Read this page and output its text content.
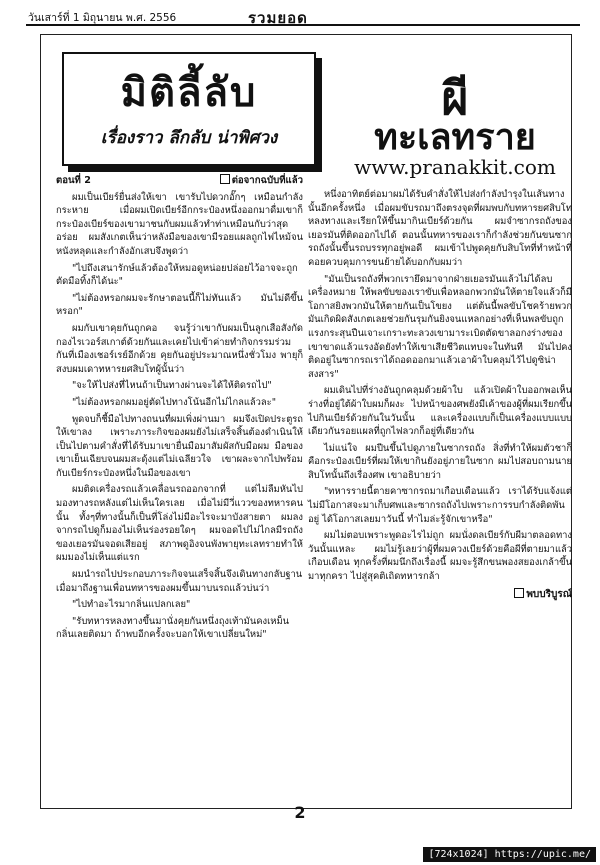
วันเสาร์ที่ 1 มิถุนายน พ.ศ. 2556	รวมยอด
มิติลี้ลับ
เรื่องราว ลึกลับ น่าพิศวง
ผี
ทะเลทราย
www.pranakkit.com
ตอนที่ 2	ต่อจากฉบับที่แล้ว

ผมเป็นเบียร์ยื่นส่งให้เขา เขารับไปดวกอั๊กๆ เหมือนกำลังกระหาย เมื่อผมเปิดเบียร์อีกกระป๋องหนึ่งออกมาดื่มเขาก็กระป๋องเบียร์ของเขามาชนกับผมแล้วทำท่าเหมือนกับว่าสุดอร่อย ผมสังเกตเห็นว่าหลังมือของเขามีรอยแผลถูกไฟไหม้จนหนังหลุดและกำลังอักเสบจึงพูดว่า

"ไปถึงเสนารักษ์แล้วต้องให้หมอดูหน่อยปล่อยไว้อาจจะถูกตัดมือทิ้งก็ได้นะ"

"ไม่ต้องหรอกผมจะรักษาตอนนี้ก็ไม่ทันแล้ว มันไม่ดีขึ้นหรอก"

ผมกับเขาคุยกันถูกคอ จนรู้ว่าเขากับผมเป็นลูกเสือสังกัดกองไรเวอร์สเกาต์ด้วยกันและเคยไปเข้าค่ายทำกิจกรรมร่วมกันที่เมืองเชอร์เรย์อีกด้วย คุยกันอยู่ประมาณหนึ่งชั่วโมง พายุก็สงบผมเดาทหารยศสิบโทผู้นั้นว่า

"จะให้ไปส่งที่ไหนถ้าเป็นทางผ่านจะได้ให้ติดรถไป"

"ไม่ต้องหรอกผมอยู่ตัดไปทางโน้นอีกไม่ไกลแล้วละ"

พูดจบก็ชี้มือไปทางถนนที่ผมเพิ่งผ่านมา ผมจึงเปิดประตูรถให้เขาลง เพราะภาระกิจของผมยังไม่เสร็จสิ้นต้องดำเนินให้เป็นไปตามคำสั่งที่ได้รับมาเขายื่นมือมาสัมผัสกับมือผม มือของเขาเย็นเฉียบจนผมสะดุ้งแต่ไม่เฉลียวใจ เขาผละจากไปพร้อมกับเบียร์กระป๋องหนึ่งในมือของเขา

ผมติดเครื่องรถแล้วเคลื่อนรถออกจากที่ แต่ไม่ลืมหันไปมองทางรถหลังแต่ไม่เห็นใครเลย เมื่อไม่มีวี่แววของทหารคนนั้น ทั้งๆที่ทางนั้นก็เป็นที่โล่งไม่มีอะไรจะมาบังสายตา ผมลงจากรถไปดูก็มองไม่เห็นร่องรอยใดๆ ผมจอดไปไม่ไกลมีรถถังของเยอรมันจอดเสียอยู่ สภาพดูอิงจนพังพายุทะเลทรายทำให้ผมมองไม่เห็นแต่แรก

ผมนำรถไปประกอบภาระกิจจนเสร็จสิ้นจึงเดินทางกลับฐาน เมื่อมาถึงฐานเพื่อนทหารของผมขึ้นมาบนรถแล้วบ่นว่า

"ไปทำอะไรมากลิ่นแปลกเลย"

"รับทหารหลงทางขึ้นมานั่งคุยกันหนึ่งถุงเท้ามันคงเหม็นกลิ่นเลยติดมา ถ้าพบอีกครั้งจะบอกให้เขาเปลี่ยนใหม่"

หนึ่งอาทิตย์ต่อมาผมได้รับคำสั่งให้ไปส่งกำลังบำรุงในเส้นทางนั้นอีกครั้งหนึ่ง เมื่อผมขับรถมาถึงตรงจุดที่ผมพบกับทหารยศสิบโทหลงทางและเรียกให้ขึ้นมากินเบียร์ด้วยกัน ผมจำซากรถถังของเยอรมันที่ติดออกไปได้ ตอนนั้นทหารของเราก็กำลังช่วยกันขนซากรถถังนั้นขึ้นรถบรรทุกอยู่พอดี ผมเข้าไปพูดคุยกับสิบโทที่ทำหน้าที่คอยควบคุมการขนย้ายได้บอกกับผมว่า

"มันเป็นรถถังที่พวกเรายึดมาจากฝ่ายเยอรมันแล้วไม่ได้ลบเครื่องหมาย ให้พลขับของเราขับเพื่อหลอกพวกมันให้ตายใจแล้วก็มีโอกาสยิงพวกมันให้ตายกันเป็นโขยง แต่ต้นนี้พลขับโชคร้ายพวกมันเกิดผิดสังเกตเลยช่วยกันรุมกันยิงจนแหลกอย่างที่เห็นพลขับถูกแรงกระสุนปืนเจาะเกราะทะลวงเขามาระเบิดตัดขาลอกงร่างของเขาขาดแล้วแรงอัดยังทำให้เขาเสียชีวิตแทบจะในทันที มันไปคงติดอยู่ในซากรถเราได้ถอดออกมาแล้วเอาผ้าใบคลุมไว้ไปดูซิน่าสงสาร"

ผมเดินไปที่ร่างอันถูกคลุมด้วยผ้าใบ แล้วเปิดผ้าใบออกพอเห็นร่างที่อยู่ใต้ผ้าใบผมก็ผงะ ไปหน้าของศพยังมีเค้าของผู้ที่ผมเรียกขึ้นไปกินเบียร์ด้วยกันในวันนั้น และเครื่องแบบก็เป็นเครื่องแบบแบบเดียวกันรอยแผลที่ถูกไฟลวกก็อยู่ที่เดียวกัน

ไม่แน่ใจ ผมปีนขึ้นไปดูภายในซากรถถัง สิ่งที่ทำให้ผมตัวชาก็คือกระป๋องเบียร์ที่ผมให้เขากินยังอยู่ภายในซาก ผมไปสอบถามนายสิบโทนั้นถึงเรื่องศพ เขาอธิบายว่า

"ทหารรายนี้ตายคาซากรถมาเกือบเดือนแล้ว เราได้รับแจ้งแต่ไม่มีโอกาสจะมาเก็บศพและซากรถถังไปเพราะการรบกำลังติดพันอยู่ ได้โอกาสเลยมาวันนี้ ทำไมล่ะรู้จักเขาหรือ"

ผมไม่ตอบเพราะพูดอะไรไม่ถูก ผมนั่งดลเบียร์กับผีมาตลอดทางวันนั้นแหละ ผมไม่รู้เลยว่าผู้ที่ผมควงเบียร์ด้วยคือผีที่ตายมาแล้วเกือบเดือน ทุกครั้งที่ผมนึกถึงเรื่องนี้ ผมจะรู้สึกขนพองสยองเกล้าขึ้นมาทุกครา ไปสู่สุคติเถิดทหารกล้า

พบบริบูรณ์
2
[724x1024] https://upic.me/
